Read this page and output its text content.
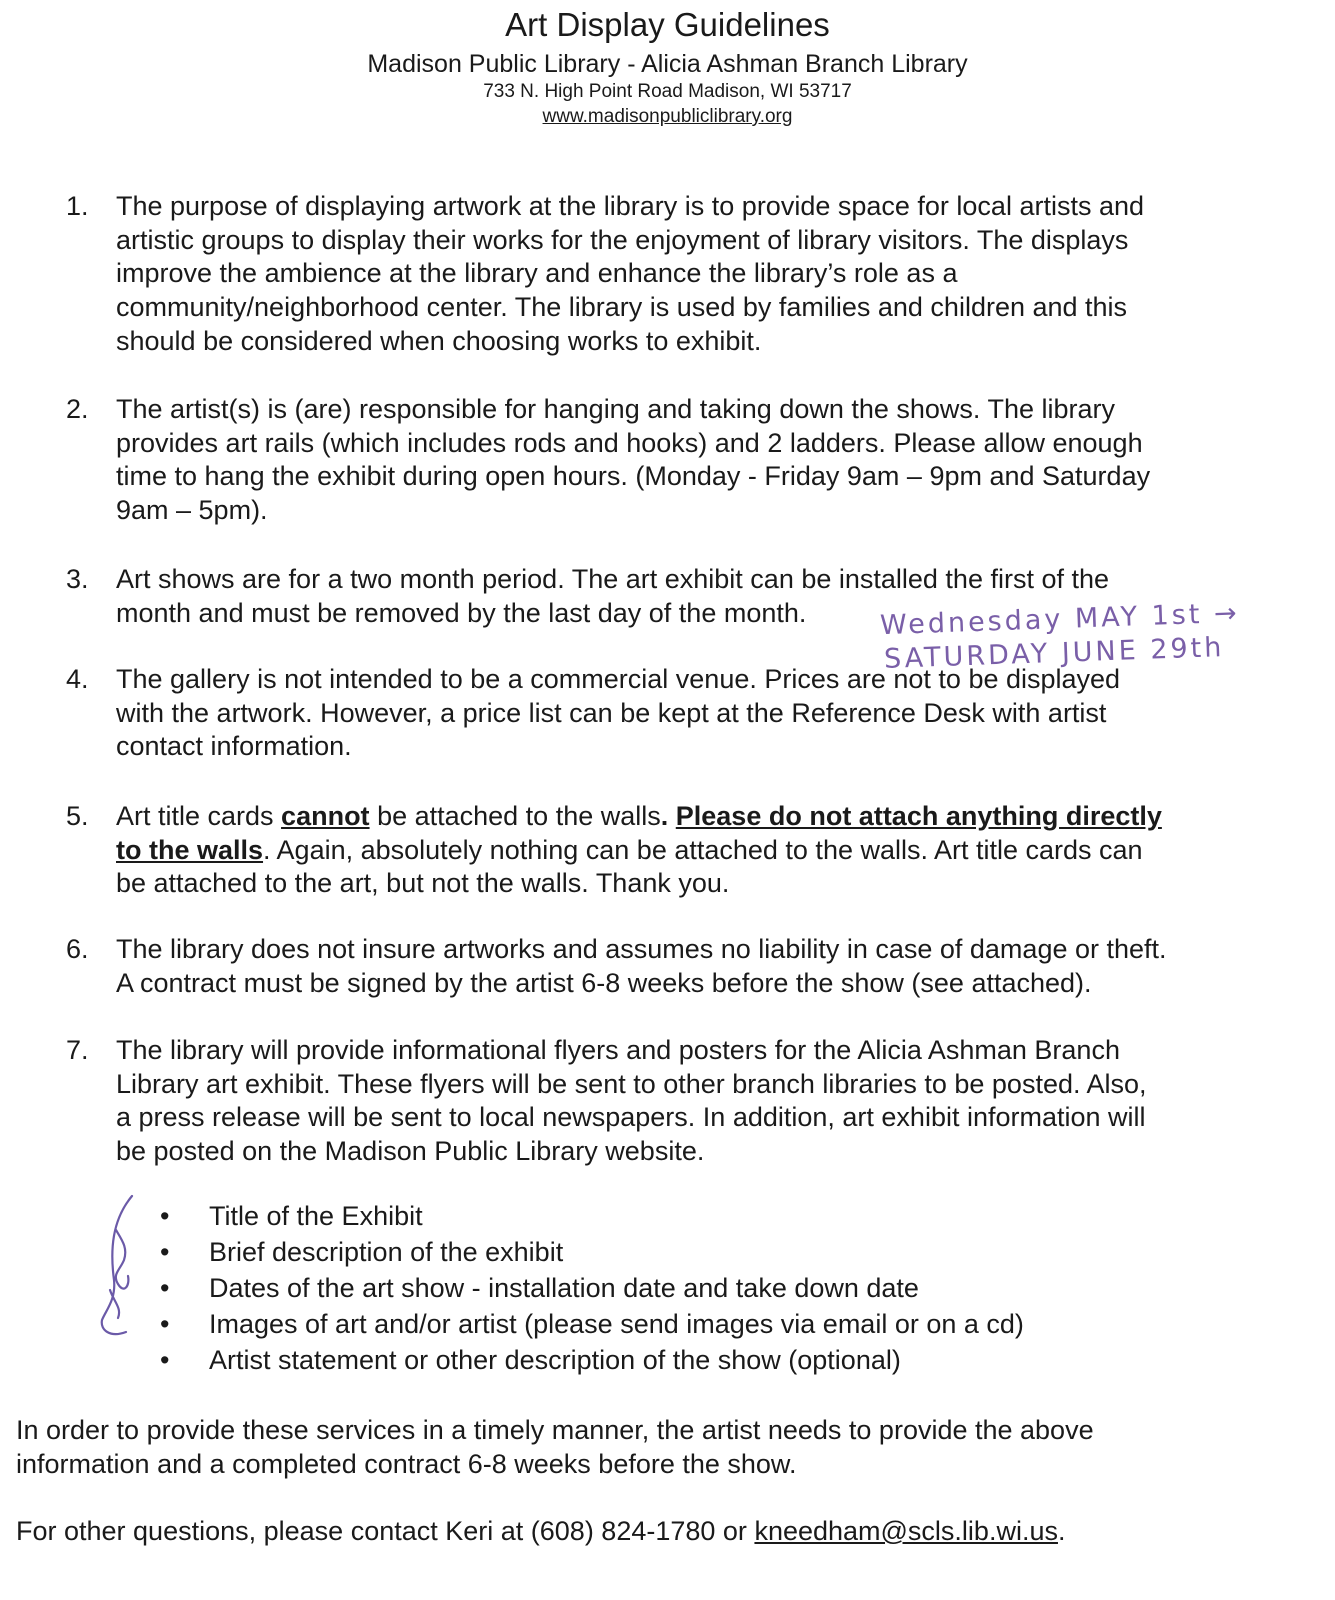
Art Display Guidelines
Madison Public Library - Alicia Ashman Branch Library
733 N. High Point Road Madison, WI 53717
www.madisonpubliclibrary.org
1. The purpose of displaying artwork at the library is to provide space for local artists and
artistic groups to display their works for the enjoyment of library visitors. The displays
improve the ambience at the library and enhance the library’s role as a
community/neighborhood center. The library is used by families and children and this
should be considered when choosing works to exhibit.
2. The artist(s) is (are) responsible for hanging and taking down the shows. The library
provides art rails (which includes rods and hooks) and 2 ladders. Please allow enough
time to hang the exhibit during open hours. (Monday - Friday 9am – 9pm and Saturday
9am – 5pm).
3. Art shows are for a two month period. The art exhibit can be installed the first of the
month and must be removed by the last day of the month.	Wednesday MAY 1st →
SATURDAY JUNE 29th
4. The gallery is not intended to be a commercial venue. Prices are not to be displayed
with the artwork. However, a price list can be kept at the Reference Desk with artist
contact information.
5. Art title cards cannot be attached to the walls. Please do not attach anything directly
to the walls. Again, absolutely nothing can be attached to the walls. Art title cards can
be attached to the art, but not the walls. Thank you.
6. The library does not insure artworks and assumes no liability in case of damage or theft.
A contract must be signed by the artist 6-8 weeks before the show (see attached).
7. The library will provide informational flyers and posters for the Alicia Ashman Branch
Library art exhibit. These flyers will be sent to other branch libraries to be posted. Also,
a press release will be sent to local newspapers. In addition, art exhibit information will
be posted on the Madison Public Library website.
• Title of the Exhibit
• Brief description of the exhibit
• Dates of the art show - installation date and take down date
• Images of art and/or artist (please send images via email or on a cd)
• Artist statement or other description of the show (optional)
In order to provide these services in a timely manner, the artist needs to provide the above
information and a completed contract 6-8 weeks before the show.
For other questions, please contact Keri at (608) 824-1780 or kneedham@scls.lib.wi.us.
